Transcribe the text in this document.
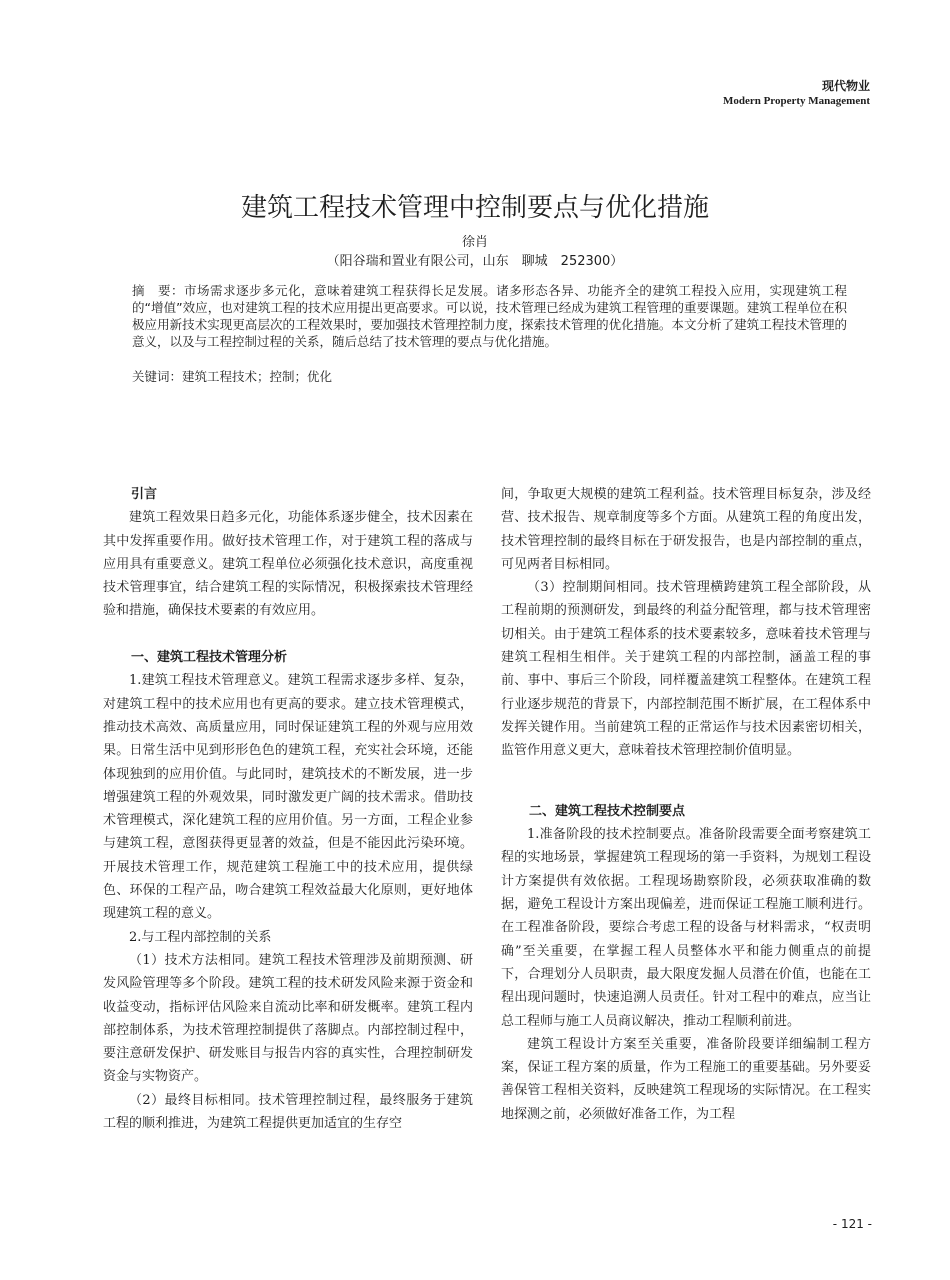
现代物业
Modern Property Management
建筑工程技术管理中控制要点与优化措施
徐肖
（阳谷瑞和置业有限公司，山东　聊城　252300）
摘　要：市场需求逐步多元化，意味着建筑工程获得长足发展。诸多形态各异、功能齐全的建筑工程投入应用，实现建筑工程的“增值”效应，也对建筑工程的技术应用提出更高要求。可以说，技术管理已经成为建筑工程管理的重要课题。建筑工程单位在积极应用新技术实现更高层次的工程效果时，要加强技术管理控制力度，探索技术管理的优化措施。本文分析了建筑工程技术管理的意义，以及与工程控制过程的关系，随后总结了技术管理的要点与优化措施。
关键词：建筑工程技术；控制；优化
引言

建筑工程效果日趋多元化，功能体系逐步健全，技术因素在其中发挥重要作用。做好技术管理工作，对于建筑工程的落成与应用具有重要意义。建筑工程单位必须强化技术意识，高度重视技术管理事宜，结合建筑工程的实际情况，积极探索技术管理经验和措施，确保技术要素的有效应用。

一、建筑工程技术管理分析

1.建筑工程技术管理意义。建筑工程需求逐步多样、复杂，对建筑工程中的技术应用也有更高的要求。建立技术管理模式，推动技术高效、高质量应用，同时保证建筑工程的外观与应用效果。日常生活中见到形形色色的建筑工程，充实社会环境，还能体现独到的应用价值。与此同时，建筑技术的不断发展，进一步增强建筑工程的外观效果，同时激发更广阔的技术需求。借助技术管理模式，深化建筑工程的应用价值。另一方面，工程企业参与建筑工程，意图获得更显著的效益，但是不能因此污染环境。开展技术管理工作，规范建筑工程施工中的技术应用，提供绿色、环保的工程产品，吻合建筑工程效益最大化原则，更好地体现建筑工程的意义。

2.与工程内部控制的关系

（1）技术方法相同。建筑工程技术管理涉及前期预测、研发风险管理等多个阶段。建筑工程的技术研发风险来源于资金和收益变动，指标评估风险来自流动比率和研发概率。建筑工程内部控制体系，为技术管理控制提供了落脚点。内部控制过程中，要注意研发保护、研发账目与报告内容的真实性，合理控制研发资金与实物资产。

（2）最终目标相同。技术管理控制过程，最终服务于建筑工程的顺利推进，为建筑工程提供更加适宜的生存空

间，争取更大规模的建筑工程利益。技术管理目标复杂，涉及经营、技术报告、规章制度等多个方面。从建筑工程的角度出发，技术管理控制的最终目标在于研发报告，也是内部控制的重点，可见两者目标相同。

（3）控制期间相同。技术管理横跨建筑工程全部阶段，从工程前期的预测研发，到最终的利益分配管理，都与技术管理密切相关。由于建筑工程体系的技术要素较多，意味着技术管理与建筑工程相生相伴。关于建筑工程的内部控制，涵盖工程的事前、事中、事后三个阶段，同样覆盖建筑工程整体。在建筑工程行业逐步规范的背景下，内部控制范围不断扩展，在工程体系中发挥关键作用。当前建筑工程的正常运作与技术因素密切相关，监管作用意义更大，意味着技术管理控制价值明显。

二、建筑工程技术控制要点

1.准备阶段的技术控制要点。准备阶段需要全面考察建筑工程的实地场景，掌握建筑工程现场的第一手资料，为规划工程设计方案提供有效依据。工程现场勘察阶段，必须获取准确的数据，避免工程设计方案出现偏差，进而保证工程施工顺利进行。在工程准备阶段，要综合考虑工程的设备与材料需求，“权责明确”至关重要，在掌握工程人员整体水平和能力侧重点的前提下，合理划分人员职责，最大限度发掘人员潜在价值，也能在工程出现问题时，快速追溯人员责任。针对工程中的难点，应当让总工程师与施工人员商议解决，推动工程顺利前进。

建筑工程设计方案至关重要，准备阶段要详细编制工程方案，保证工程方案的质量，作为工程施工的重要基础。另外要妥善保管工程相关资料，反映建筑工程现场的实际情况。在工程实地探测之前，必须做好准备工作，为工程

- 121 -
